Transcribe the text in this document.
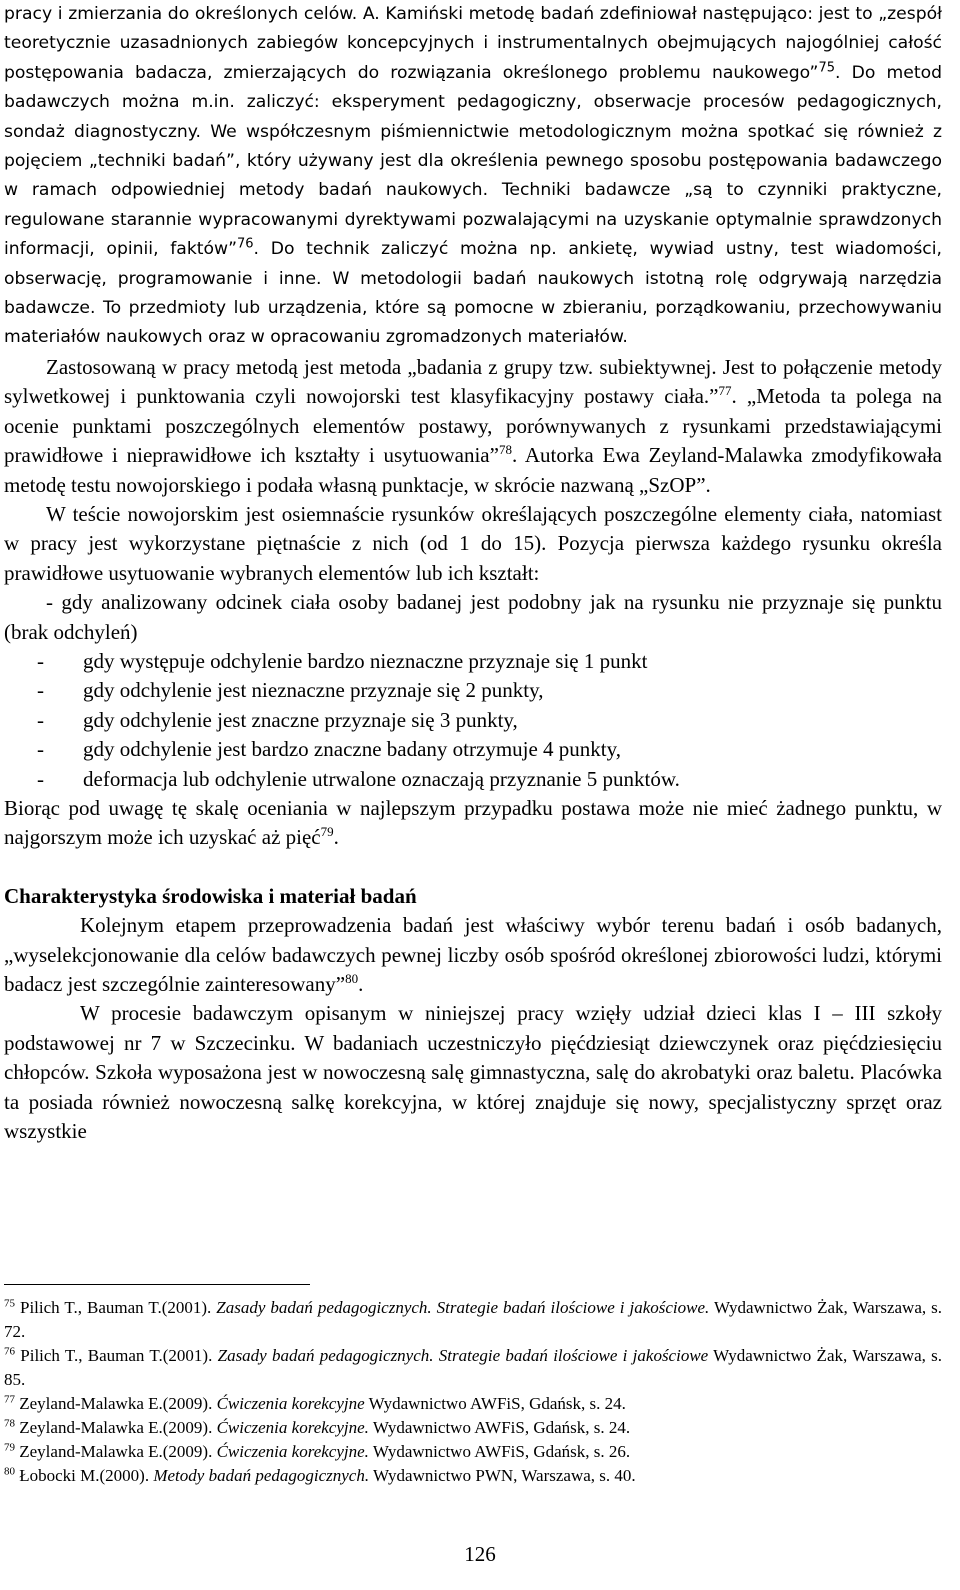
pracy i zmierzania do określonych celów. A. Kamiński metodę badań zdefiniował następująco: jest to „zespół teoretycznie uzasadnionych zabiegów koncepcyjnych i instrumentalnych obejmujących najogólniej całość postępowania badacza, zmierzających do rozwiązania określonego problemu naukowego”$^{75}$. Do metod badawczych można m.in. zaliczyć: eksperyment pedagogiczny, obserwacje procesów pedagogicznych, sondaż diagnostyczny. We współczesnym piśmiennictwie metodologicznym można spotkać się również z pojęciem „techniki badań”, który używany jest dla określenia pewnego sposobu postępowania badawczego w ramach odpowiedniej metody badań naukowych. Techniki badawcze „są to czynniki praktyczne, regulowane starannie wypracowanymi dyrektywami pozwalającymi na uzyskanie optymalnie sprawdzonych informacji, opinii, faktów”$^{76}$. Do technik zaliczyć można np. ankietę, wywiad ustny, test wiadomości, obserwację, programowanie i inne. W metodologii badań naukowych istotną rolę odgrywają narzędzia badawcze. To przedmioty lub urządzenia, które są pomocne w zbieraniu, porządkowaniu, przechowywaniu materiałów naukowych oraz w opracowaniu zgromadzonych materiałów.

Zastosowaną w pracy metodą jest metoda „badania z grupy tzw. subiektywnej. Jest to połączenie metody sylwetkowej i punktowania czyli nowojorski test klasyfikacyjny postawy ciała.”$^{77}$. „Metoda ta polega na ocenie punktami poszczególnych elementów postawy, porównywanych z rysunkami przedstawiającymi prawidłowe i nieprawidłowe ich kształty i usytuowania”$^{78}$. Autorka Ewa Zeyland-Malawka zmodyfikowała metodę testu nowojorskiego i podała własną punktacje, w skrócie nazwaną „SzOP”.

W teście nowojorskim jest osiemnaście rysunków określających poszczególne elementy ciała, natomiast w pracy jest wykorzystane piętnaście z nich (od 1 do 15). Pozycja pierwsza każdego rysunku określa prawidłowe usytuowanie wybranych elementów lub ich kształt:

- gdy analizowany odcinek ciała osoby badanej jest podobny jak na rysunku nie przyznaje się punktu (brak odchyleń)

-	gdy występuje odchylenie bardzo nieznaczne przyznaje się 1 punkt
-	gdy odchylenie jest nieznaczne przyznaje się 2 punkty,
-	gdy odchylenie jest znaczne przyznaje się 3 punkty,
-	gdy odchylenie jest bardzo znaczne badany otrzymuje 4 punkty,
-	deformacja lub odchylenie utrwalone oznaczają przyznanie 5 punktów.

Biorąc pod uwagę tę skalę oceniania w najlepszym przypadku postawa może nie mieć żadnego punktu, w najgorszym może ich uzyskać aż pięć$^{79}$.

Charakterystyka środowiska i materiał badań

Kolejnym etapem przeprowadzenia badań jest właściwy wybór terenu badań i osób badanych, „wyselekcjonowanie dla celów badawczych pewnej liczby osób spośród określonej zbiorowości ludzi, którymi badacz jest szczególnie zainteresowany”$^{80}$.

W procesie badawczym opisanym w niniejszej pracy wzięły udział dzieci klas I – III szkoły podstawowej nr 7 w Szczecinku. W badaniach uczestniczyło pięćdziesiąt dziewczynek oraz pięćdziesięciu chłopców. Szkoła wyposażona jest w nowoczesną salę gimnastyczna, salę do akrobatyki oraz baletu. Placówka ta posiada również nowoczesną salkę korekcyjna, w której znajduje się nowy, specjalistyczny sprzęt oraz wszystkie

$^{75}$ Pilich T., Bauman T.(2001). Zasady badań pedagogicznych. Strategie badań ilościowe i jakościowe. Wydawnictwo Żak, Warszawa, s. 72.

$^{76}$ Pilich T., Bauman T.(2001). Zasady badań pedagogicznych. Strategie badań ilościowe i jakościowe Wydawnictwo Żak, Warszawa, s. 85.

$^{77}$ Zeyland-Malawka E.(2009). Ćwiczenia korekcyjne Wydawnictwo AWFiS, Gdańsk, s. 24.

$^{78}$ Zeyland-Malawka E.(2009). Ćwiczenia korekcyjne. Wydawnictwo AWFiS, Gdańsk, s. 24.

$^{79}$ Zeyland-Malawka E.(2009). Ćwiczenia korekcyjne. Wydawnictwo AWFiS, Gdańsk, s. 26.

$^{80}$ Łobocki M.(2000). Metody badań pedagogicznych. Wydawnictwo PWN, Warszawa, s. 40.

126
